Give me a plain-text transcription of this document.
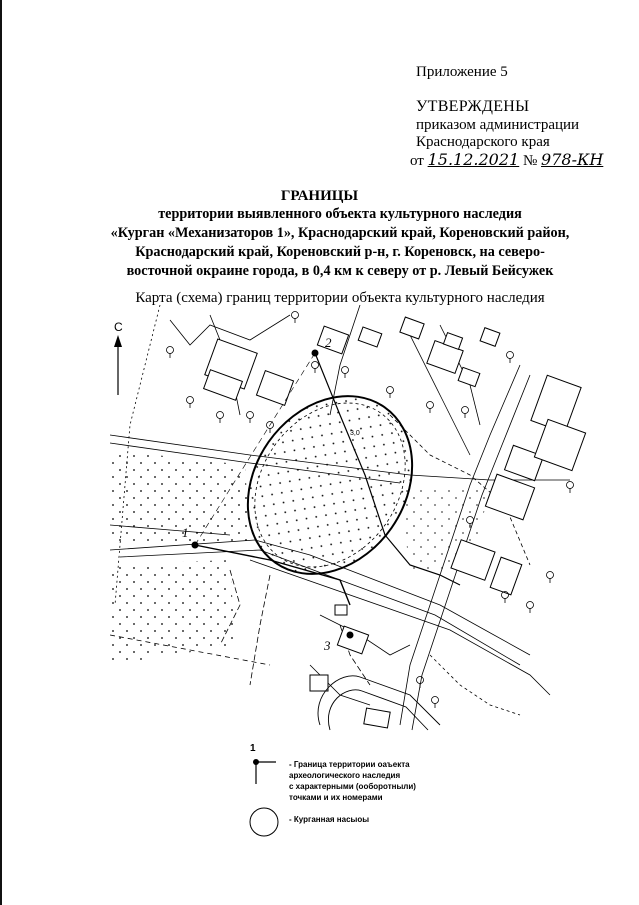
Приложение 5
УТВЕРЖДЕНЫ
приказом администрации
Краснодарского края
от 15.12.2021 № 978-КН
ГРАНИЦЫ
территории выявленного объекта культурного наследия
«Курган «Механизаторов 1», Краснодарский край, Кореновский район,
Краснодарский край, Кореновский р-н, г. Кореновск, на северо-
восточной окраине города, в 0,4 км к северу от р. Левый Бейсужек
Карта (схема) границ территории объекта культурного наследия
С
1
2
3
3,0
1
- Граница территории оаъекта
археологического наследия
с характерными (ооборотныли)
точками и их номерами
- Курганная насыоы
